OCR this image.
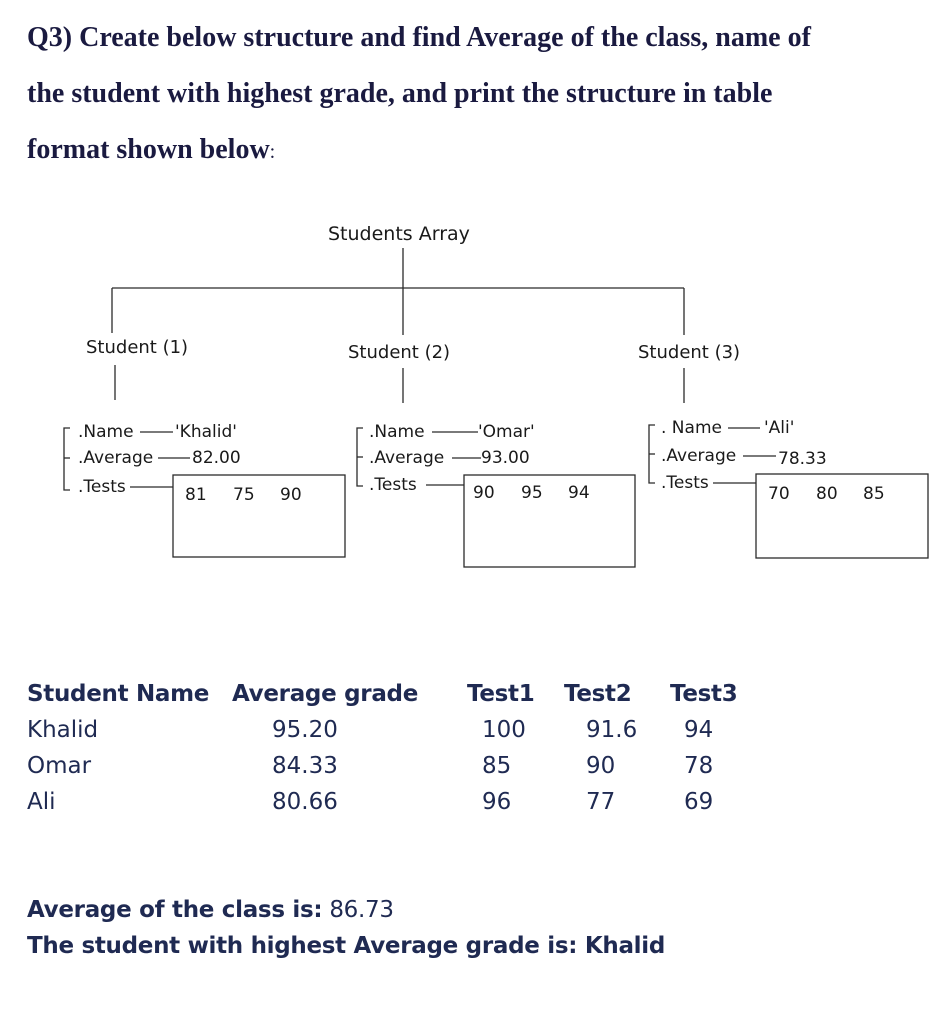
Q3) Create below structure and find Average of the class, name of
the student with highest grade, and print the structure in table
format shown below:
Students Array
Student (1)
.Name 'Khalid'
.Average 82.00
.Tests	81 75 90
Student (2)
.Name	'Omar'
.Average 93.00
.Tests	90 95 94
Student (3)
. Name 'Ali'
.Average 78.33
.Tests
70 80 85
Student Name	Average grade	Test1	Test2	Test3
Khalid	95.20	100	91.6	94
Omar	84.33	85	90	78
Ali	80.66	96	77	69
Average of the class is: 86.73
The student with highest Average grade is: Khalid
